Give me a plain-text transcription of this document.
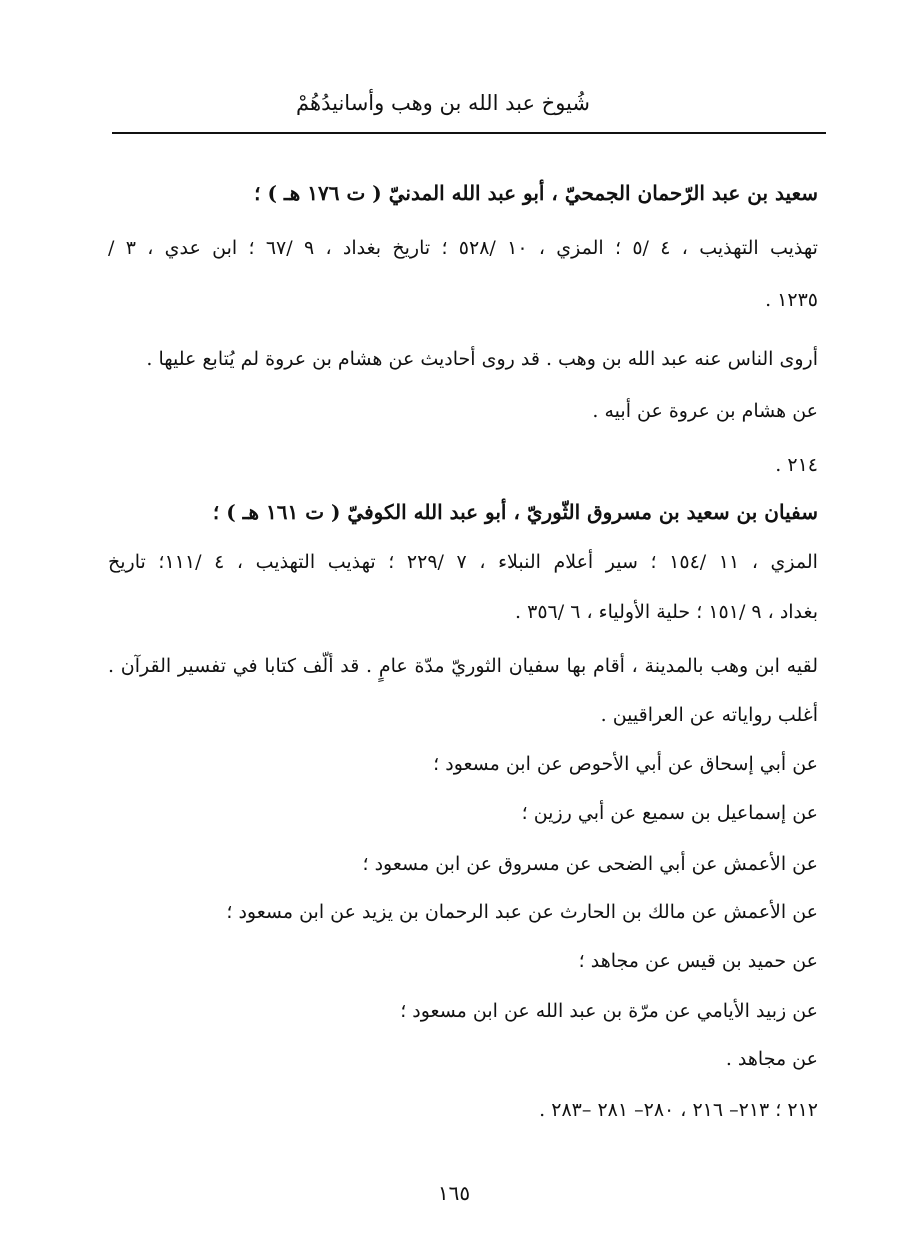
شُيوخ عبد الله بن وهب وأسانيدُهُمْ
سعيد بن عبد الرّحمان الجمحيّ ، أبو عبد الله المدنيّ ( ت ١٧٦ هـ ) ؛
تهذيب التهذيب ، ٤ /٥ ؛ المزي ، ١٠ /٥٢٨ ؛ تاريخ بغداد ، ٩ /٦٧ ؛ ابن عدي ، ٣ /
١٢٣٥ .
أروى الناس عنه عبد الله بن وهب . قد روى أحاديث عن هشام بن عروة لم يُتابع عليها .
عن هشام بن عروة عن أبيه .
٢١٤ .
سفيان بن سعيد بن مسروق الثّوريّ ، أبو عبد الله الكوفيّ ( ت ١٦١ هـ ) ؛
المزي ، ١١ /١٥٤ ؛ سير أعلام النبلاء ، ٧ /٢٢٩ ؛ تهذيب التهذيب ، ٤ /١١١؛ تاريخ
بغداد ، ٩ /١٥١ ؛ حلية الأولياء ، ٦ /٣٥٦ .
لقيه ابن وهب بالمدينة ، أقام بها سفيان الثوريّ مدّة عامٍ . قد ألّف كتابا في تفسير القرآن .
أغلب رواياته عن العراقيين .
عن أبي إسحاق عن أبي الأحوص عن ابن مسعود ؛
عن إسماعيل بن سميع عن أبي رزين ؛
عن الأعمش عن أبي الضحى عن مسروق عن ابن مسعود ؛
عن الأعمش عن مالك بن الحارث عن عبد الرحمان بن يزيد عن ابن مسعود ؛
عن حميد بن قيس عن مجاهد ؛
عن زبيد الأيامي عن مرّة بن عبد الله عن ابن مسعود ؛
عن مجاهد .
٢١٢ ؛ ٢١٣– ٢١٦ ، ٢٨٠– ٢٨١ –٢٨٣ .
١٦٥
